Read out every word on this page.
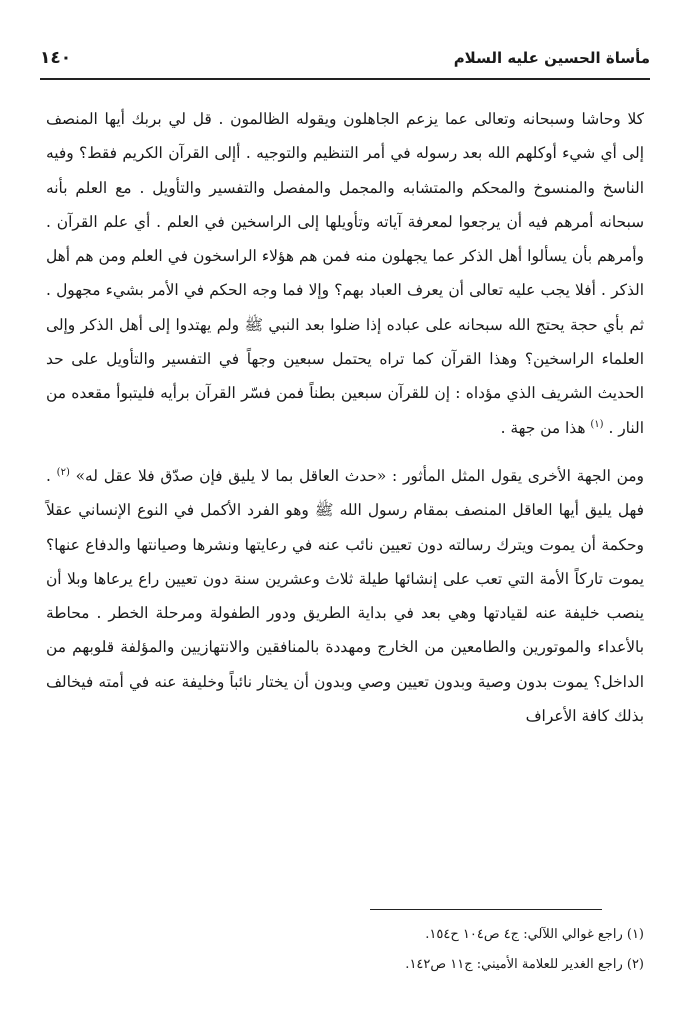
مأساة الحسين عليه السلام
١٤٠

كلا وحاشا وسبحانه وتعالى عما يزعم الجاهلون ويقوله الظالمون . قل لي بربك أيها المنصف إلى أي شيء أوكلهم الله بعد رسوله في أمر التنظيم والتوجيه . أإلى القرآن الكريم فقط؟ وفيه الناسخ والمنسوخ والمحكم والمتشابه والمجمل والمفصل والتفسير والتأويل . مع العلم بأنه سبحانه أمرهم فيه أن يرجعوا لمعرفة آياته وتأويلها إلى الراسخين في العلم . أي علم القرآن . وأمرهم بأن يسألوا أهل الذكر عما يجهلون منه فمن هم هؤلاء الراسخون في العلم ومن هم أهل الذكر . أفلا يجب عليه تعالى أن يعرف العباد بهم؟ وإلا فما وجه الحكم في الأمر بشيء مجهول . ثم بأي حجة يحتج الله سبحانه على عباده إذا ضلوا بعد النبي ﷺ ولم يهتدوا إلى أهل الذكر وإلى العلماء الراسخين؟ وهذا القرآن كما تراه يحتمل سبعين وجهاً في التفسير والتأويل على حد الحديث الشريف الذي مؤداه : إن للقرآن سبعين بطناً فمن فسّر القرآن برأيه فليتبوأ مقعده من النار . $^{(١)}$ هذا من جهة .

ومن الجهة الأخرى يقول المثل المأثور : «حدث العاقل بما لا يليق فإن صدّق فلا عقل له» $^{(٢)}$ . فهل يليق أيها العاقل المنصف بمقام رسول الله ﷺ وهو الفرد الأكمل في النوع الإنساني عقلاً وحكمة أن يموت ويترك رسالته دون تعيين نائب عنه في رعايتها ونشرها وصيانتها والدفاع عنها؟ يموت تاركاً الأمة التي تعب على إنشائها طيلة ثلاث وعشرين سنة دون تعيين راع يرعاها وبلا أن ينصب خليفة عنه لقيادتها وهي بعد في بداية الطريق ودور الطفولة ومرحلة الخطر . محاطة بالأعداء والموتورين والطامعين من الخارج ومهددة بالمنافقين والانتهازيين والمؤلفة قلوبهم من الداخل؟ يموت بدون وصية وبدون تعيين وصي وبدون أن يختار نائباً وخليفة عنه في أمته فيخالف بذلك كافة الأعراف

(١) راجع غوالي اللآلي: ج٤ ص١٠٤ ح١٥٤.
(٢) راجع الغدير للعلامة الأميني: ج١١ ص١٤٢.
